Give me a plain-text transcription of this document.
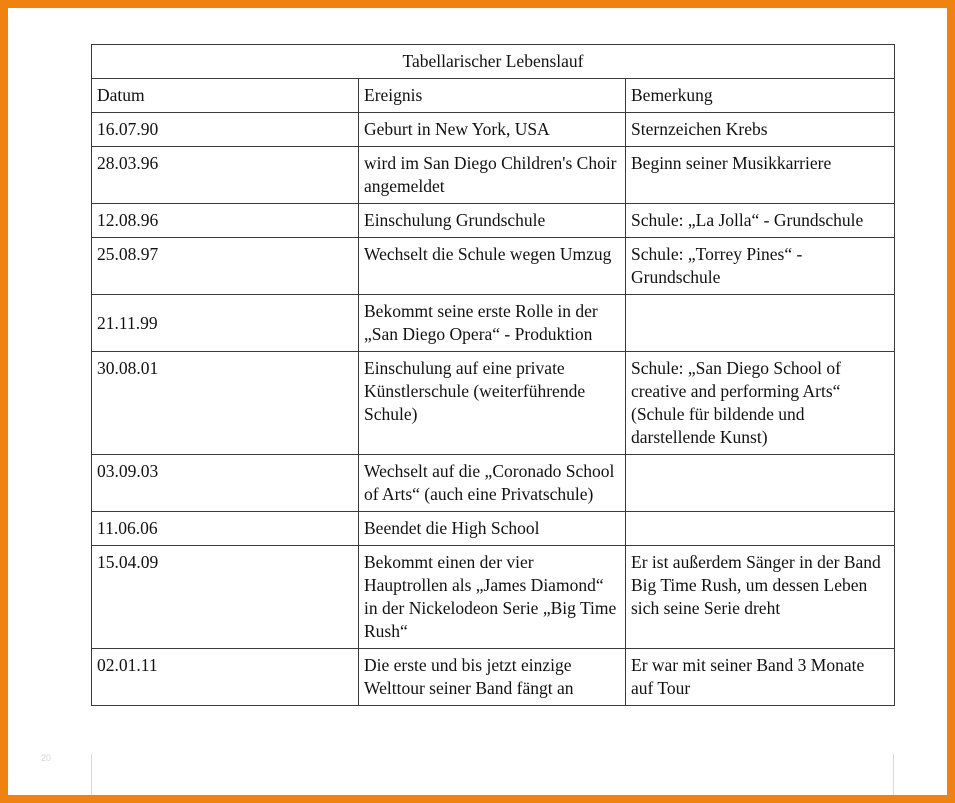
Tabellarischer Lebenslauf		
Datum	Ereignis	Bemerkung
16.07.90	Geburt in New York, USA	Sternzeichen Krebs
28.03.96	wird im San Diego Children's Choir angemeldet	Beginn seiner Musikkarriere
12.08.96	Einschulung Grundschule	Schule: „La Jolla“ - Grundschule
25.08.97	Wechselt die Schule wegen Umzug	Schule: „Torrey Pines“ - Grundschule
21.11.99	Bekommt seine erste Rolle in der „San Diego Opera“ - Produktion	
30.08.01	Einschulung auf eine private Künstlerschule (weiterführende Schule)	Schule: „San Diego School of creative and performing Arts“ (Schule für bildende und darstellende Kunst)
03.09.03	Wechselt auf die „Coronado School of Arts“ (auch eine Privatschule)	
11.06.06	Beendet die High School	
15.04.09	Bekommt einen der vier Hauptrollen als „James Diamond“ in der Nickelodeon Serie „Big Time Rush“	Er ist außerdem Sänger in der Band Big Time Rush, um dessen Leben sich seine Serie dreht
02.01.11	Die erste und bis jetzt einzige Welttour seiner Band fängt an	Er war mit seiner Band 3 Monate auf Tour
20
